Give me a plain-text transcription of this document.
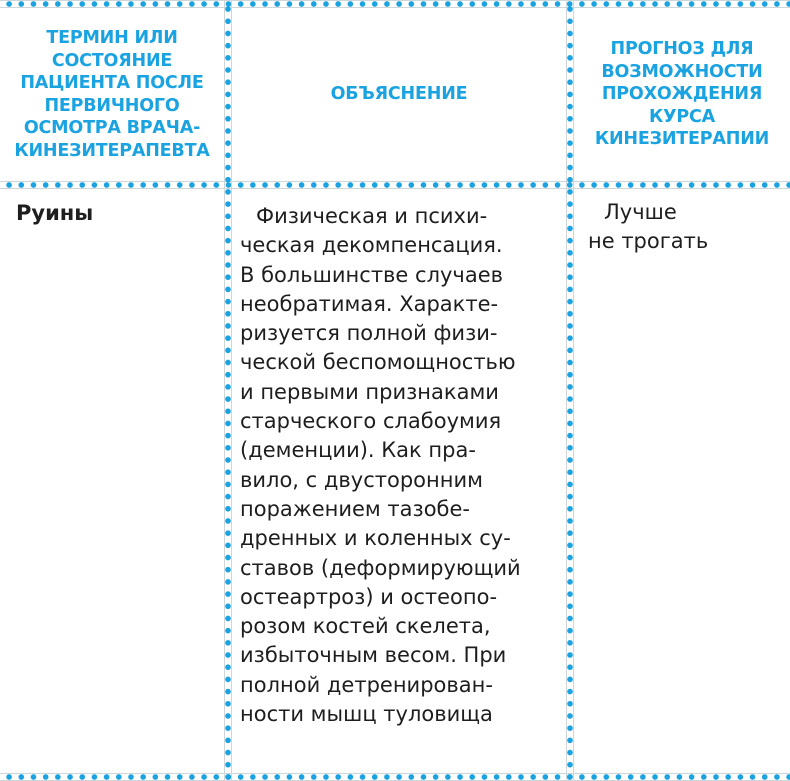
ТЕРМИН ИЛИ
СОСТОЯНИЕ
ПАЦИЕНТА ПОСЛЕ
ПЕРВИЧНОГО
ОСМОТРА ВРАЧА-
КИНЕЗИТЕРАПЕВТА
ОБЪЯСНЕНИЕ
ПРОГНОЗ ДЛЯ
ВОЗМОЖНОСТИ
ПРОХОЖДЕНИЯ
КУРСА
КИНЕЗИТЕРАПИИ
Руины	Физическая и психи-
ческая декомпенсация.
В большинстве случаев
необратимая. Характе-
ризуется полной физи-
ческой беспомощностью
и первыми признаками
старческого слабоумия
(деменции). Как пра-
вило, с двусторонним
поражением тазобе-
дренных и коленных су-
ставов (деформирующий
остеартроз) и остеопо-
розом костей скелета,
избыточным весом. При
полной детренирован-
ности мышц туловища
Лучше
не трогать
